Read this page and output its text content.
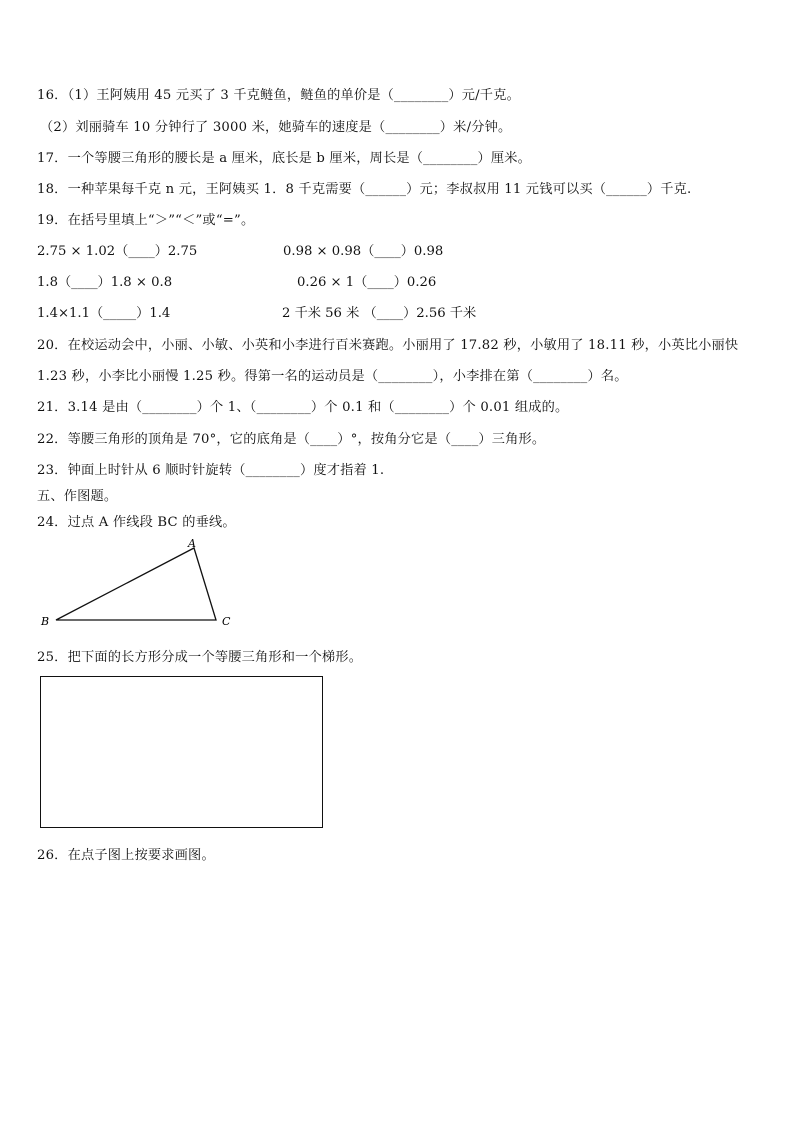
16．（1）王阿姨用 45 元买了 3 千克鲢鱼，鲢鱼的单价是（________）元/千克。
（2）刘丽骑车 10 分钟行了 3000 米，她骑车的速度是（________）米/分钟。
17．一个等腰三角形的腰长是 a 厘米，底长是 b 厘米，周长是（________）厘米。
18．一种苹果每千克 n 元，王阿姨买 1．8 千克需要（______）元；李叔叔用 11 元钱可以买（______）千克.
19．在括号里填上“＞”“＜”或“=”。
2.75 × 1.02（____）2.75	0.98 × 0.98（____）0.98
1.8（____）1.8 × 0.8	0.26 × 1（____）0.26
1.4×1.1（_____）1.4	2 千米 56 米 （____）2.56 千米
20．在校运动会中，小丽、小敏、小英和小李进行百米赛跑。小丽用了 17.82 秒，小敏用了 18.11 秒，小英比小丽快
1.23 秒，小李比小丽慢 1.25 秒。得第一名的运动员是（________），小李排在第（________）名。
21．3.14 是由（________）个 1、（________）个 0.1 和（________）个 0.01 组成的。
22．等腰三角形的顶角是 70°，它的底角是（____）°，按角分它是（____）三角形。
23．钟面上时针从 6 顺时针旋转（________）度才指着 1.
五、作图题。
24．过点 A 作线段 BC 的垂线。
A
B	C
25．把下面的长方形分成一个等腰三角形和一个梯形。
26．在点子图上按要求画图。
